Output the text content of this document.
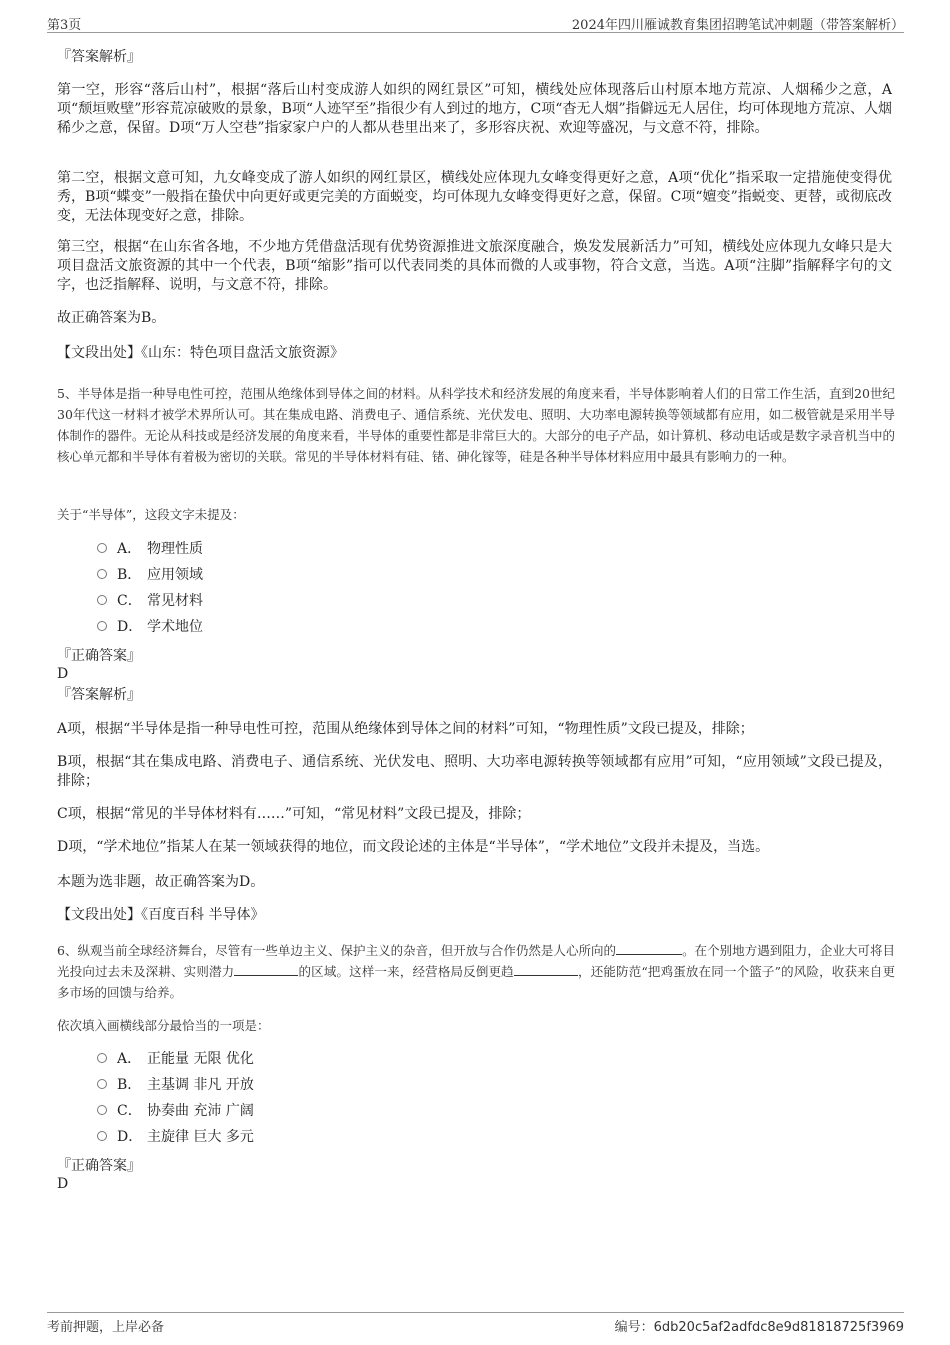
第3页	2024年四川雁诚教育集团招聘笔试冲刺题（带答案解析）
『答案解析』
第一空，形容“落后山村”，根据“落后山村变成游人如织的网红景区”可知，横线处应体现落后山村原本地方荒凉、人烟稀少之意，A项“颓垣败壁”形容荒凉破败的景象，B项“人迹罕至”指很少有人到过的地方，C项“杳无人烟”指僻远无人居住，均可体现地方荒凉、人烟稀少之意，保留。D项“万人空巷”指家家户户的人都从巷里出来了，多形容庆祝、欢迎等盛况，与文意不符，排除。
第二空，根据文意可知，九女峰变成了游人如织的网红景区，横线处应体现九女峰变得更好之意，A项“优化”指采取一定措施使变得优秀，B项“蝶变”一般指在蛰伏中向更好或更完美的方面蜕变，均可体现九女峰变得更好之意，保留。C项“嬗变”指蜕变、更替，或彻底改变，无法体现变好之意，排除。
第三空，根据“在山东省各地，不少地方凭借盘活现有优势资源推进文旅深度融合，焕发发展新活力”可知，横线处应体现九女峰只是大项目盘活文旅资源的其中一个代表，B项“缩影”指可以代表同类的具体而微的人或事物，符合文意，当选。A项“注脚”指解释字句的文字，也泛指解释、说明，与文意不符，排除。
故正确答案为B。
【文段出处】《山东：特色项目盘活文旅资源》
5、半导体是指一种导电性可控，范围从绝缘体到导体之间的材料。从科学技术和经济发展的角度来看，半导体影响着人们的日常工作生活，直到20世纪30年代这一材料才被学术界所认可。其在集成电路、消费电子、通信系统、光伏发电、照明、大功率电源转换等领域都有应用，如二极管就是采用半导体制作的器件。无论从科技或是经济发展的角度来看，半导体的重要性都是非常巨大的。大部分的电子产品，如计算机、移动电话或是数字录音机当中的核心单元都和半导体有着极为密切的关联。常见的半导体材料有硅、锗、砷化镓等，硅是各种半导体材料应用中最具有影响力的一种。
关于“半导体”，这段文字未提及：
A． 物理性质
B． 应用领域
C． 常见材料
D． 学术地位
『正确答案』
D
『答案解析』
A项，根据“半导体是指一种导电性可控，范围从绝缘体到导体之间的材料”可知，“物理性质”文段已提及，排除；
B项，根据“其在集成电路、消费电子、通信系统、光伏发电、照明、大功率电源转换等领域都有应用”可知，“应用领域”文段已提及，排除；
C项，根据“常见的半导体材料有……”可知，“常见材料”文段已提及，排除；
D项，“学术地位”指某人在某一领域获得的地位，而文段论述的主体是“半导体”，“学术地位”文段并未提及，当选。
本题为选非题，故正确答案为D。
【文段出处】《百度百科 半导体》
6、纵观当前全球经济舞台，尽管有一些单边主义、保护主义的杂音，但开放与合作仍然是人心所向的	。在个别地方遇到阻力，企业大可将目光投向过去未及深耕、实则潜力	的区域。这样一来，经营格局反倒更趋	，还能防范“把鸡蛋放在同一个篮子”的风险，收获来自更多市场的回馈与给养。
依次填入画横线部分最恰当的一项是：
A． 正能量 无限 优化
B． 主基调 非凡 开放
C． 协奏曲 充沛 广阔
D． 主旋律 巨大 多元
『正确答案』
D
考前押题，上岸必备	编号：6db20c5af2adfdc8e9d81818725f3969
